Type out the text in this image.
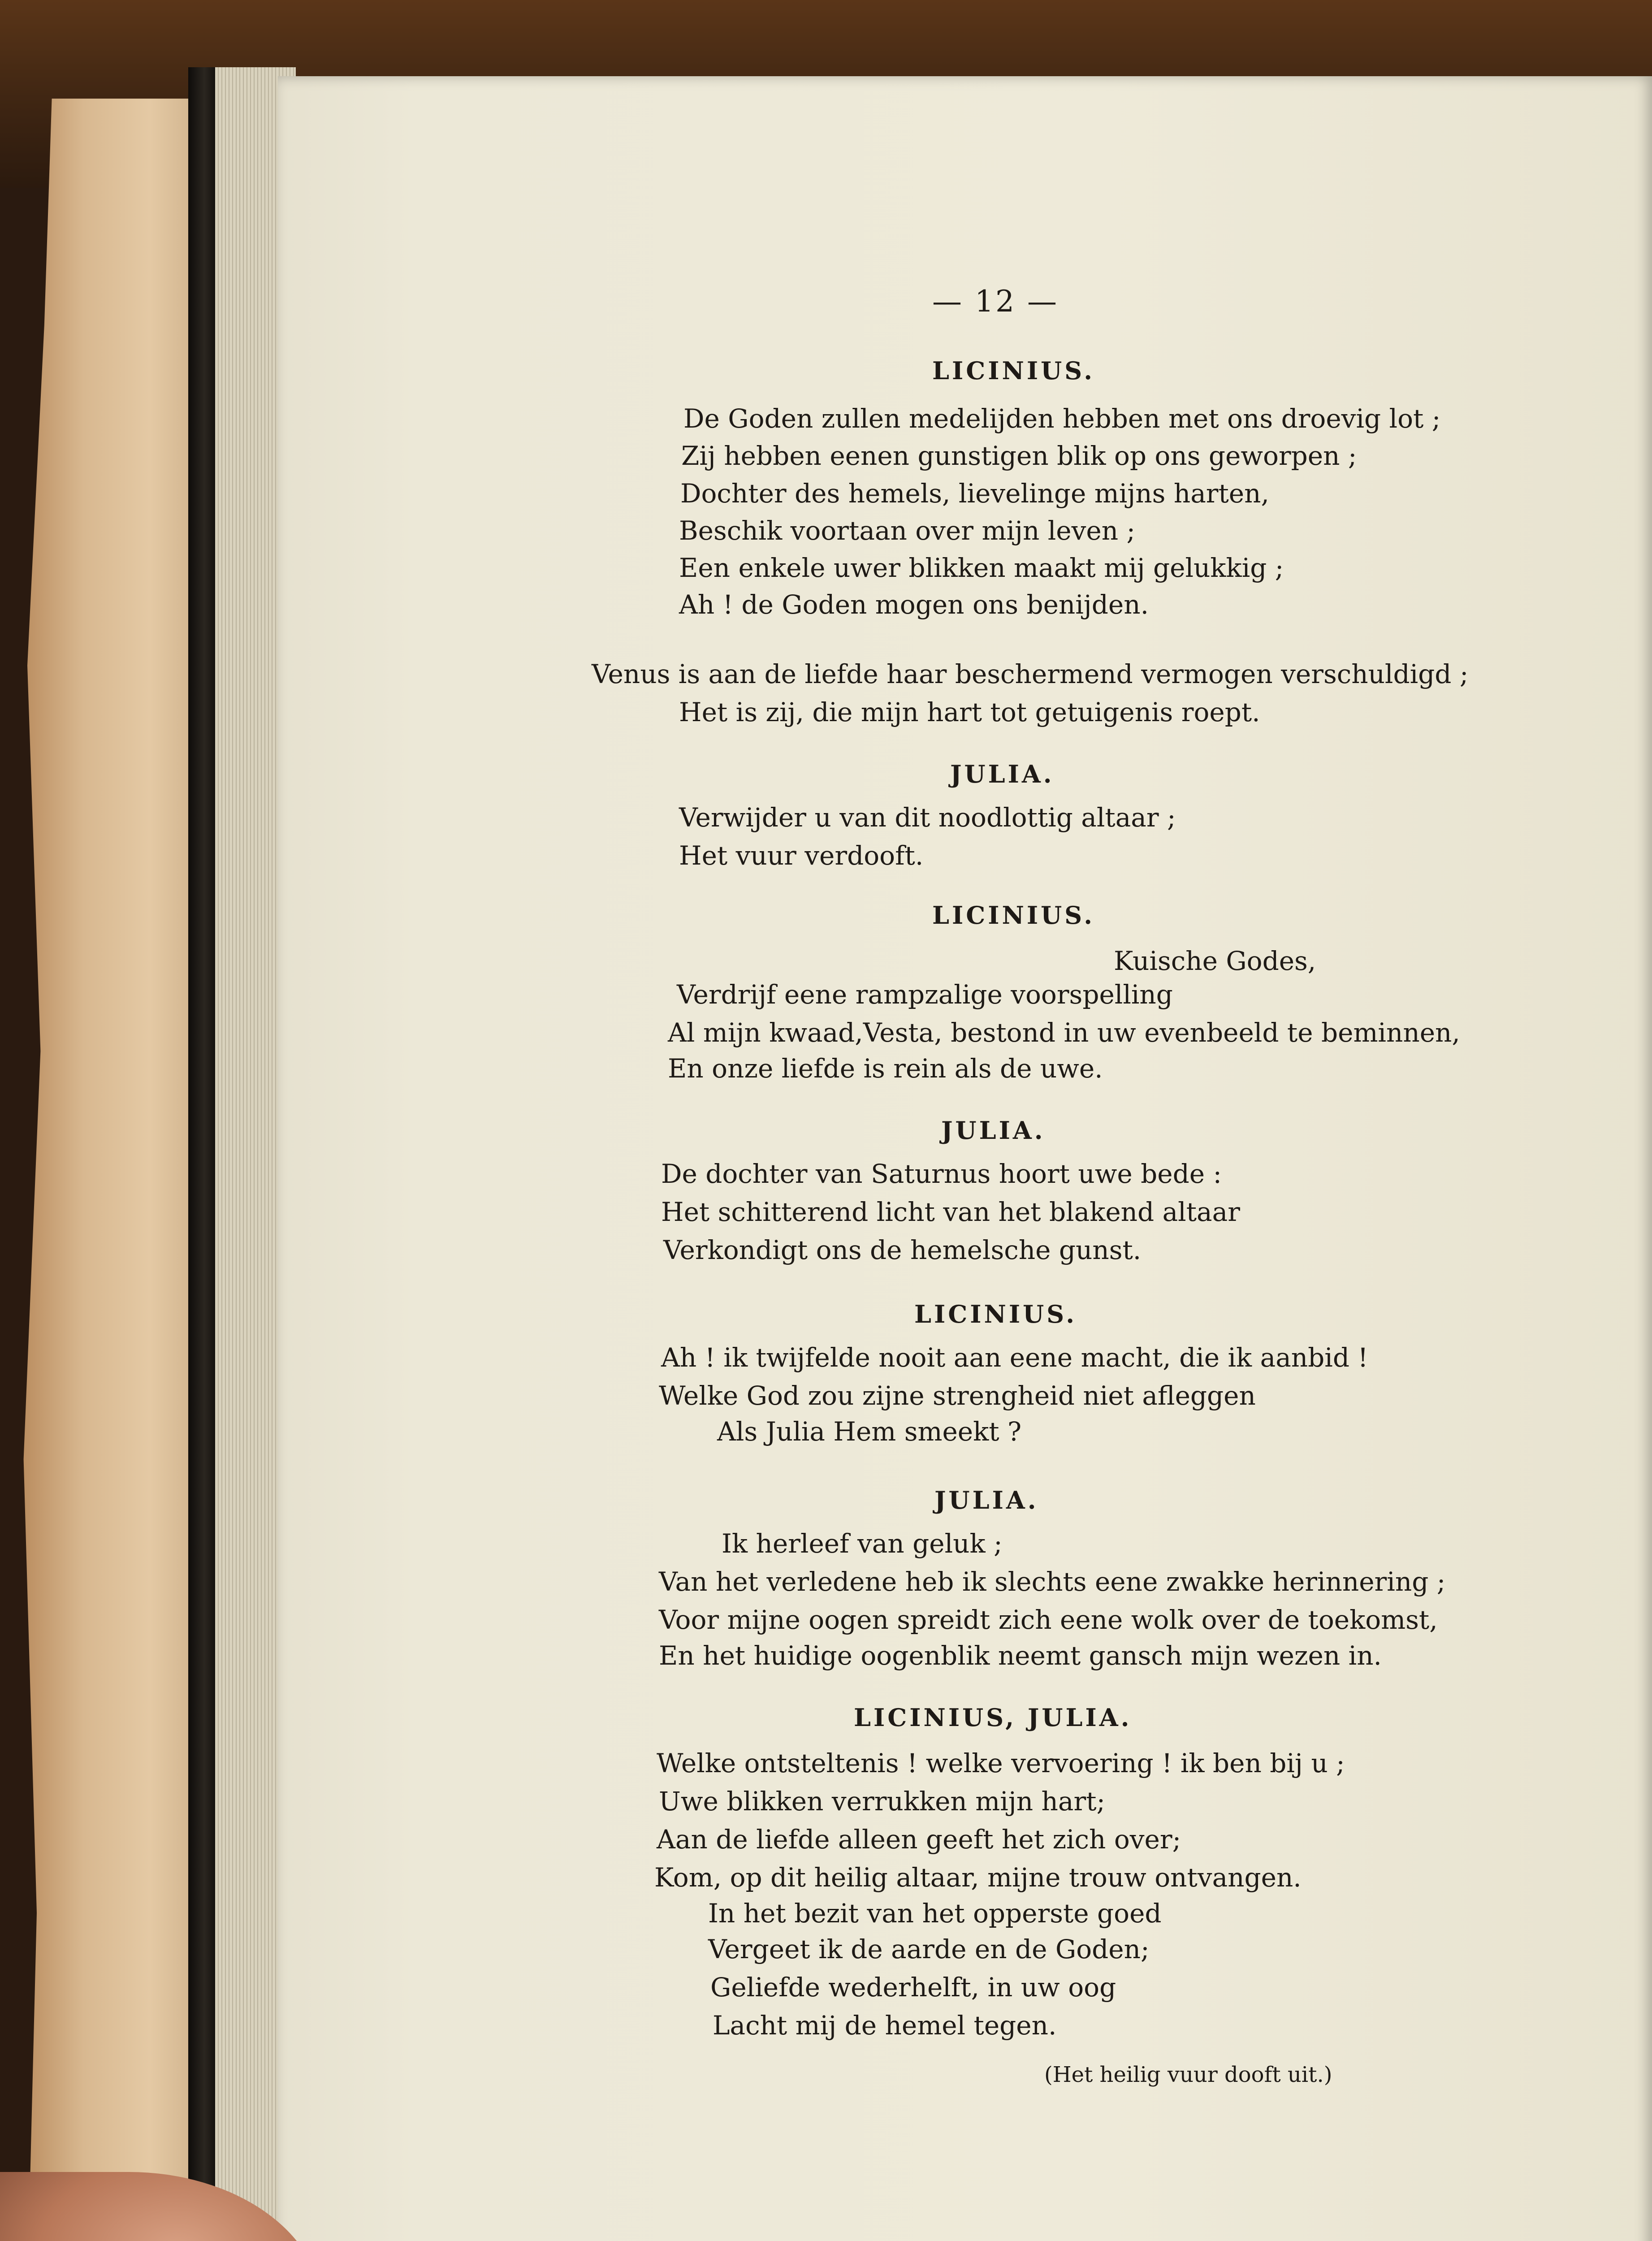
— 12 —
LICINIUS.
De Goden zullen medelijden hebben met ons droevig lot ;
Zij hebben eenen gunstigen blik op ons geworpen ;
Dochter des hemels, lievelinge mijns harten,
Beschik voortaan over mijn leven ;
Een enkele uwer blikken maakt mij gelukkig ;
Ah ! de Goden mogen ons benijden.
Venus is aan de liefde haar beschermend vermogen verschuldigd ;
Het is zij, die mijn hart tot getuigenis roept.
JULIA.
Verwijder u van dit noodlottig altaar ;
Het vuur verdooft.
LICINIUS.
Kuische Godes,
Verdrijf eene rampzalige voorspelling
Al mijn kwaad,Vesta, bestond in uw evenbeeld te beminnen,
En onze liefde is rein als de uwe.
JULIA.
De dochter van Saturnus hoort uwe bede :
Het schitterend licht van het blakend altaar
Verkondigt ons de hemelsche gunst.
LICINIUS.
Ah ! ik twijfelde nooit aan eene macht, die ik aanbid !
Welke God zou zijne strengheid niet afleggen
Als Julia Hem smeekt ?
JULIA.
Ik herleef van geluk ;
Van het verledene heb ik slechts eene zwakke herinnering ;
Voor mijne oogen spreidt zich eene wolk over de toekomst,
En het huidige oogenblik neemt gansch mijn wezen in.
LICINIUS, JULIA.
Welke ontsteltenis ! welke vervoering ! ik ben bij u ;
Uwe blikken verrukken mijn hart;
Aan de liefde alleen geeft het zich over;
Kom, op dit heilig altaar, mijne trouw ontvangen.
In het bezit van het opperste goed
Vergeet ik de aarde en de Goden;
Geliefde wederhelft, in uw oog
Lacht mij de hemel tegen.
(Het heilig vuur dooft uit.)
